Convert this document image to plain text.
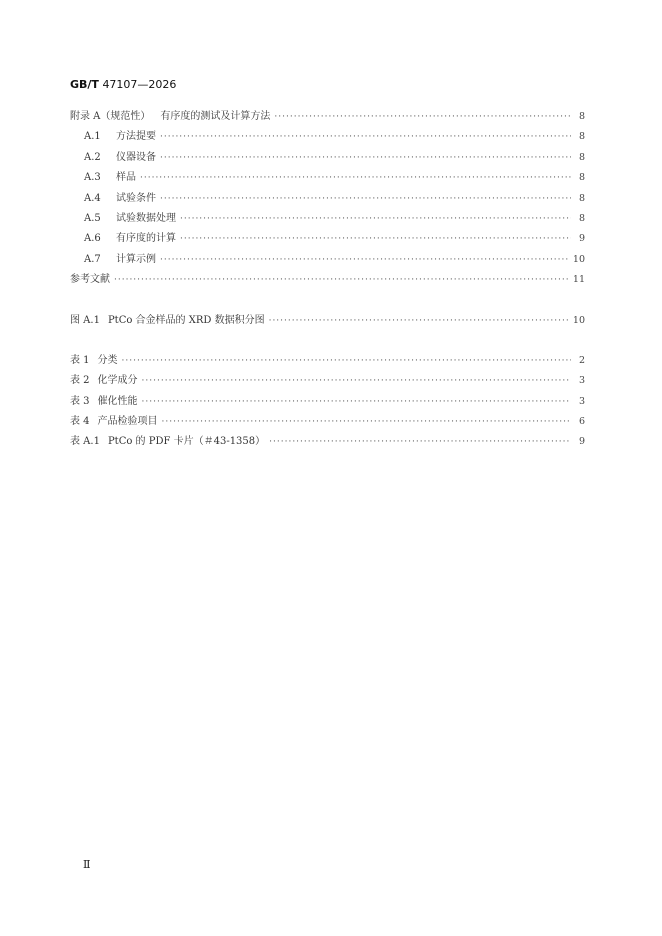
GB/T 47107—2026
附录 A（规范性）	有序度的测试及计算方法 ·····	8
A.1	方法提要 ·····	8
A.2	仪器设备 ·····	8
A.3	样品 ·····	8
A.4	试验条件 ·····	8
A.5	试验数据处理 ·····	8
A.6	有序度的计算 ·····	9
A.7	计算示例 ·····	10
参考文献 ·····	11
图 A.1 PtCo 合金样品的 XRD 数据积分图 ·····	10
表 1 分类 ·····	2
表 2 化学成分 ·····	3
表 3 催化性能 ·····	3
表 4 产品检验项目 ·····	6
表 A.1 PtCo 的 PDF 卡片（＃43-1358） ·····	9
Ⅱ
